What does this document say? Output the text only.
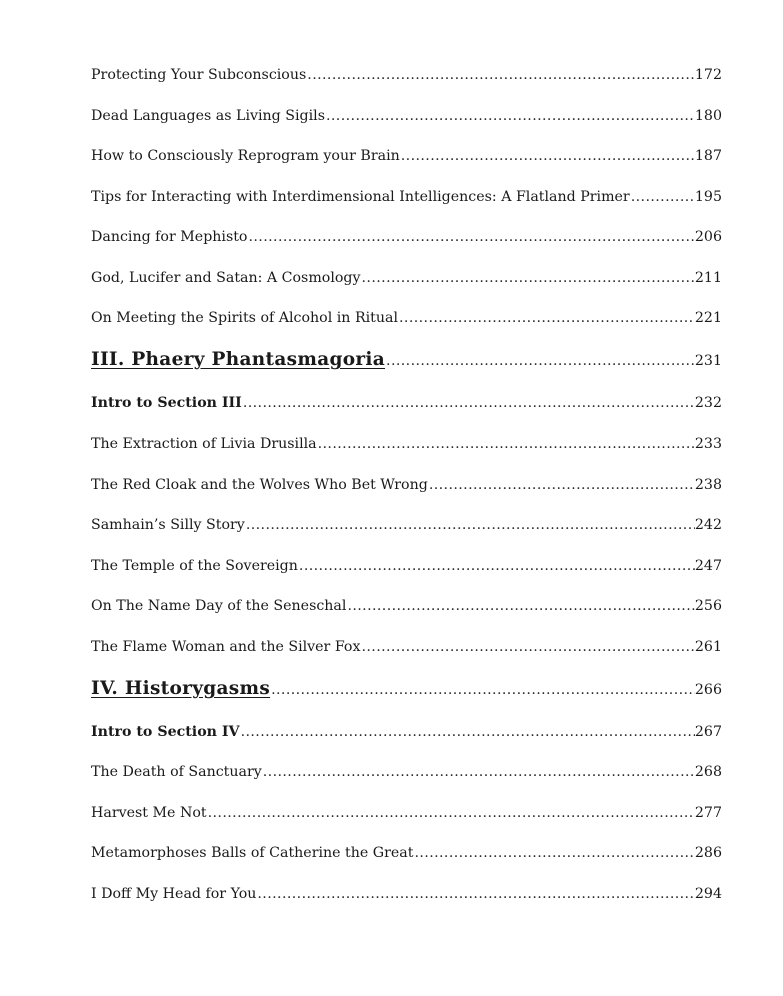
Protecting Your Subconscious .....	172
Dead Languages as Living Sigils .....	180
How to Consciously Reprogram your Brain .....	187
Tips for Interacting with Interdimensional Intelligences: A Flatland Primer .....	195
Dancing for Mephisto .....	206
God, Lucifer and Satan: A Cosmology .....	211
On Meeting the Spirits of Alcohol in Ritual .....	221
III. Phaery Phantasmagoria .....	231
Intro to Section III .....	232
The Extraction of Livia Drusilla .....	233
The Red Cloak and the Wolves Who Bet Wrong .....	238
Samhain’s Silly Story .....	242
The Temple of the Sovereign .....	247
On The Name Day of the Seneschal .....	256
The Flame Woman and the Silver Fox .....	261
IV. Historygasms .....	266
Intro to Section IV .....	267
The Death of Sanctuary .....	268
Harvest Me Not .....	277
Metamorphoses Balls of Catherine the Great .....	286
I Doff My Head for You .....	294
